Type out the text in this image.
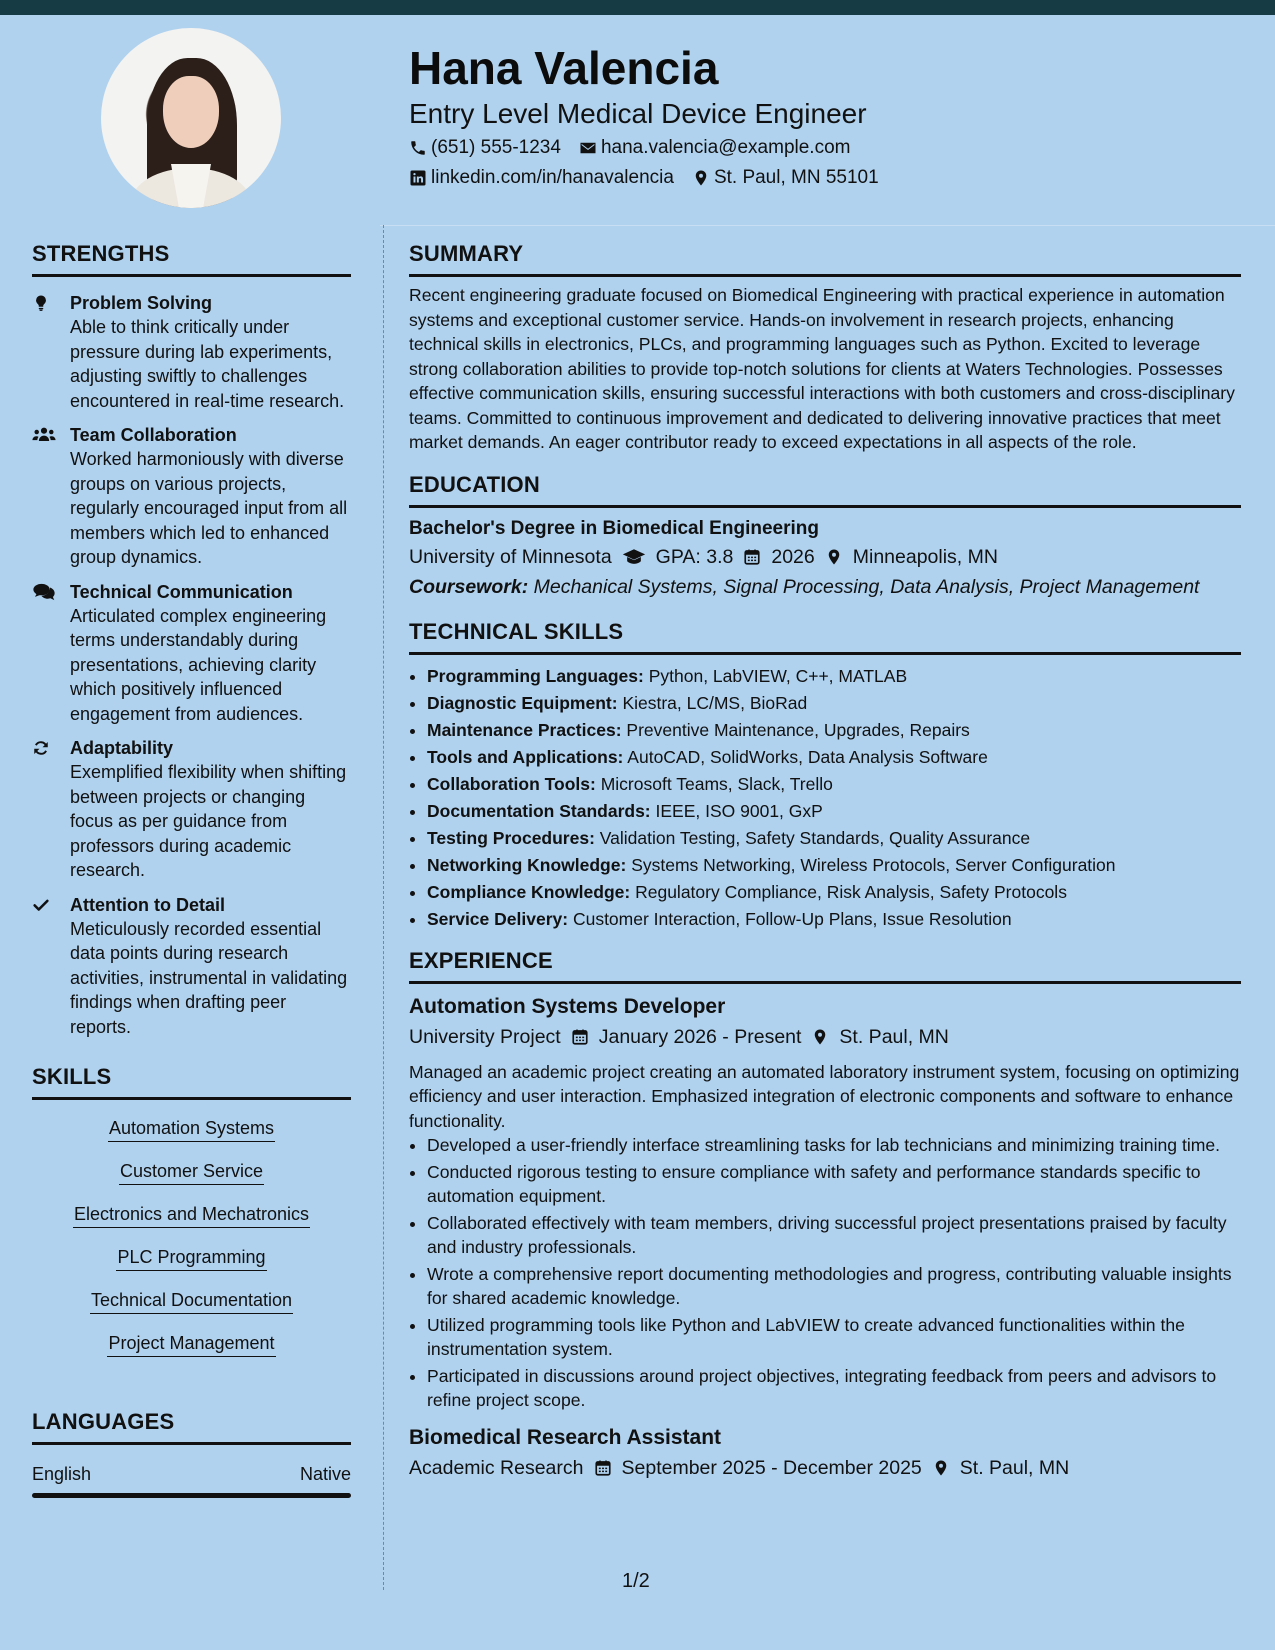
Hana Valencia
Entry Level Medical Device Engineer
(651) 555-1234 hana.valencia@example.com
linkedin.com/in/hanavalencia St. Paul, MN 55101
STRENGTHS
Problem Solving
Able to think critically under pressure during lab experiments, adjusting swiftly to challenges encountered in real-time research.
Team Collaboration
Worked harmoniously with diverse groups on various projects, regularly encouraged input from all members which led to enhanced group dynamics.
Technical Communication
Articulated complex engineering terms understandably during presentations, achieving clarity which positively influenced engagement from audiences.
Adaptability
Exemplified flexibility when shifting between projects or changing focus as per guidance from professors during academic research.
Attention to Detail
Meticulously recorded essential data points during research activities, instrumental in validating findings when drafting peer reports.
SKILLS
Automation Systems
Customer Service
Electronics and Mechatronics
PLC Programming
Technical Documentation
Project Management
LANGUAGES
English	Native
SUMMARY

Recent engineering graduate focused on Biomedical Engineering with practical experience in automation systems and exceptional customer service. Hands-on involvement in research projects, enhancing technical skills in electronics, PLCs, and programming languages such as Python. Excited to leverage strong collaboration abilities to provide top-notch solutions for clients at Waters Technologies. Possesses effective communication skills, ensuring successful interactions with both customers and cross-disciplinary teams. Committed to continuous improvement and dedicated to delivering innovative practices that meet market demands. An eager contributor ready to exceed expectations in all aspects of the role.

EDUCATION
Bachelor's Degree in Biomedical Engineering
University of Minnesota GPA: 3.8 2026 Minneapolis, MN
Coursework: Mechanical Systems, Signal Processing, Data Analysis, Project Management
TECHNICAL SKILLS
• Programming Languages: Python, LabVIEW, C++, MATLAB
• Diagnostic Equipment: Kiestra, LC/MS, BioRad
• Maintenance Practices: Preventive Maintenance, Upgrades, Repairs
• Tools and Applications: AutoCAD, SolidWorks, Data Analysis Software
• Collaboration Tools: Microsoft Teams, Slack, Trello
• Documentation Standards: IEEE, ISO 9001, GxP
• Testing Procedures: Validation Testing, Safety Standards, Quality Assurance
• Networking Knowledge: Systems Networking, Wireless Protocols, Server Configuration
• Compliance Knowledge: Regulatory Compliance, Risk Analysis, Safety Protocols
• Service Delivery: Customer Interaction, Follow-Up Plans, Issue Resolution
EXPERIENCE
Automation Systems Developer
University Project January 2026 - Present St. Paul, MN
Managed an academic project creating an automated laboratory instrument system, focusing on optimizing efficiency and user interaction. Emphasized integration of electronic components and software to enhance functionality.
• Developed a user-friendly interface streamlining tasks for lab technicians and minimizing training time.
• Conducted rigorous testing to ensure compliance with safety and performance standards specific to automation equipment.
• Collaborated effectively with team members, driving successful project presentations praised by faculty and industry professionals.
• Wrote a comprehensive report documenting methodologies and progress, contributing valuable insights for shared academic knowledge.
• Utilized programming tools like Python and LabVIEW to create advanced functionalities within the instrumentation system.
• Participated in discussions around project objectives, integrating feedback from peers and advisors to refine project scope.
Biomedical Research Assistant
Academic Research September 2025 - December 2025 St. Paul, MN
1/2
